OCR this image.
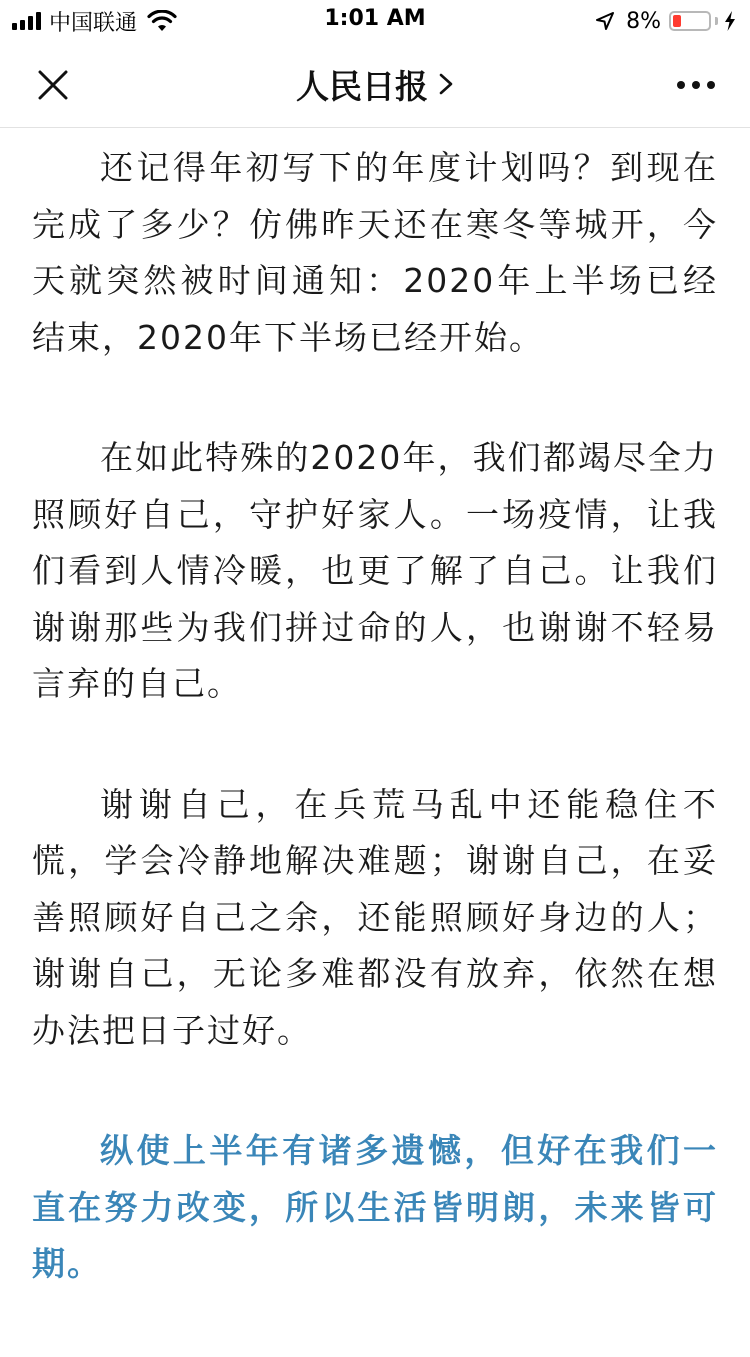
中国联通	1:01 AM	8%
人民日报

还记得年初写下的年度计划吗？到现在完成了多少？仿佛昨天还在寒冬等城开，今天就突然被时间通知：2020年上半场已经结束，2020年下半场已经开始。

在如此特殊的2020年，我们都竭尽全力照顾好自己，守护好家人。一场疫情，让我们看到人情冷暖，也更了解了自己。让我们谢谢那些为我们拼过命的人，也谢谢不轻易言弃的自己。

谢谢自己，在兵荒马乱中还能稳住不慌，学会冷静地解决难题；谢谢自己，在妥善照顾好自己之余，还能照顾好身边的人；谢谢自己，无论多难都没有放弃，依然在想办法把日子过好。

纵使上半年有诸多遗憾，但好在我们一直在努力改变，所以生活皆明朗，未来皆可期。
